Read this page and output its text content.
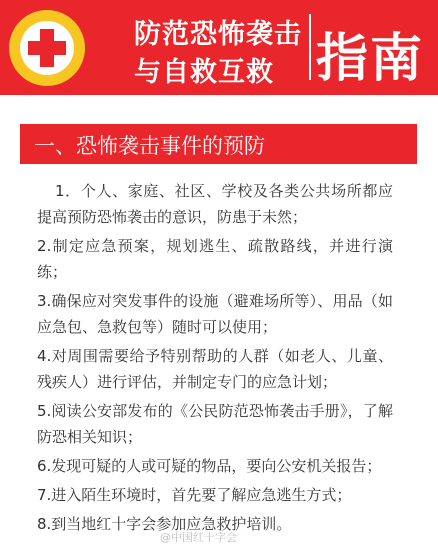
防范恐怖袭击
与自救互救 指南
一、恐怖袭击事件的预防

1．个人、家庭、社区、学校及各类公共场所都应提高预防恐怖袭击的意识，防患于未然；

2.制定应急预案，规划逃生、疏散路线，并进行演练；

3.确保应对突发事件的设施（避难场所等）、用品（如应急包、急救包等）随时可以使用；

4.对周围需要给予特别帮助的人群（如老人、儿童、残疾人）进行评估，并制定专门的应急计划；

5.阅读公安部发布的《公民防范恐怖袭击手册》，了解防恐相关知识；

6.发现可疑的人或可疑的物品，要向公安机关报告；

7.进入陌生环境时，首先要了解应急逃生方式；

8.到当地红十字会参加应急救护培训。

@中国红十字会
